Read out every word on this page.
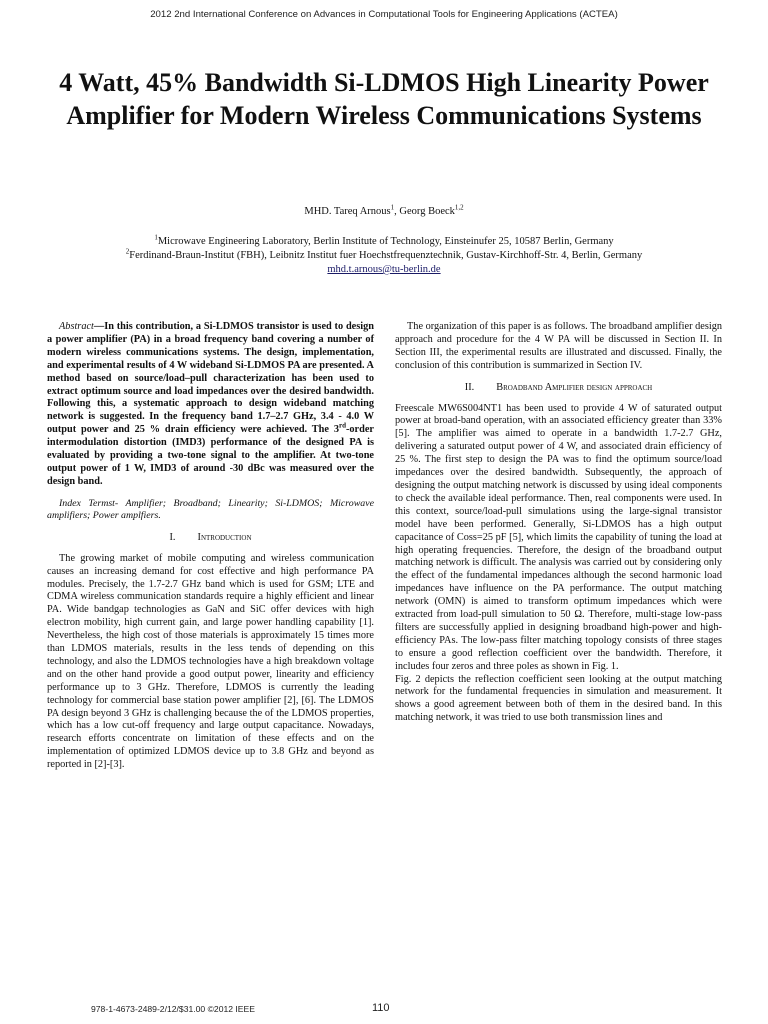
2012 2nd International Conference on Advances in Computational Tools for Engineering Applications (ACTEA)
4 Watt, 45% Bandwidth Si-LDMOS High Linearity Power Amplifier for Modern Wireless Communications Systems
MHD. Tareq Arnous$^1$, Georg Boeck$^{1,2}$
$^1$Microwave Engineering Laboratory, Berlin Institute of Technology, Einsteinufer 25, 10587 Berlin, Germany
$^2$Ferdinand-Braun-Institut (FBH), Leibnitz Institut fuer Hoechstfrequenztechnik, Gustav-Kirchhoff-Str. 4, Berlin, Germany
mhd.t.arnous@tu-berlin.de

Abstract—In this contribution, a Si-LDMOS transistor is used to design a power amplifier (PA) in a broad frequency band covering a number of modern wireless communications systems. The design, implementation, and experimental results of 4 W wideband Si-LDMOS PA are presented. A method based on source/load–pull characterization has been used to extract optimum source and load impedances over the desired bandwidth. Following this, a systematic approach to design wideband matching network is suggested. In the frequency band 1.7–2.7 GHz, 3.4 - 4.0 W output power and 25 % drain efficiency were achieved. The 3rd-order intermodulation distortion (IMD3) performance of the designed PA is evaluated by providing a two-tone signal to the amplifier. At two-tone output power of 1 W, IMD3 of around -30 dBc was measured over the design band.

Index Termst- Amplifier; Broadband; Linearity; Si-LDMOS; Microwave amplifiers; Power amplfiers.

I. Introduction

The growing market of mobile computing and wireless communication causes an increasing demand for cost effective and high performance PA modules. Precisely, the 1.7-2.7 GHz band which is used for GSM; LTE and CDMA wireless communication standards require a highly efficient and linear PA. Wide bandgap technologies as GaN and SiC offer devices with high electron mobility, high current gain, and large power handling capability [1]. Nevertheless, the high cost of those materials is approximately 15 times more than LDMOS materials, results in the less tends of depending on this technology, and also the LDMOS technologies have a high breakdown voltage and on the other hand provide a good output power, linearity and efficiency performance up to 3 GHz. Therefore, LDMOS is currently the leading technology for commercial base station power amplifier [2], [6]. The LDMOS PA design beyond 3 GHz is challenging because the of the LDMOS properties, which has a low cut-off frequency and large output capacitance. Nowadays, research efforts concentrate on limitation of these effects and on the implementation of optimized LDMOS device up to 3.8 GHz and beyond as reported in [2]-[3].

The organization of this paper is as follows. The broadband amplifier design approach and procedure for the 4 W PA will be discussed in Section II. In Section III, the experimental results are illustrated and discussed. Finally, the conclusion of this contribution is summarized in Section IV.

II. Broadband Amplifier design approach

Freescale MW6S004NT1 has been used to provide 4 W of saturated output power at broad-band operation, with an associated efficiency greater than 33% [5]. The amplifier was aimed to operate in a bandwidth 1.7-2.7 GHz, delivering a saturated output power of 4 W, and associated drain efficiency of 25 %. The first step to design the PA was to find the optimum source/load impedances over the desired bandwidth. Subsequently, the approach of designing the output matching network is discussed by using ideal components to check the available ideal performance. Then, real components were used. In this context, source/load-pull simulations using the large-signal transistor model have been performed. Generally, Si-LDMOS has a high output capacitance of Coss=25 pF [5], which limits the capability of tuning the load at high operating frequencies. Therefore, the design of the broadband output matching network is difficult. The analysis was carried out by considering only the effect of the fundamental impedances although the second harmonic load impedances have influence on the PA performance. The output matching network (OMN) is aimed to transform optimum impedances which were extracted from load-pull simulation to 50 Ω. Therefore, multi-stage low-pass filters are successfully applied in designing broadband high-power and high-efficiency PAs. The low-pass filter matching topology consists of three stages to ensure a good reflection coefficient over the bandwidth. Therefore, it includes four zeros and three poles as shown in Fig. 1.

Fig. 2 depicts the reflection coefficient seen looking at the output matching network for the fundamental frequencies in simulation and measurement. It shows a good agreement between both of them in the desired band. In this matching network, it was tried to use both transmission lines and

978-1-4673-2489-2/12/$31.00 ©2012 IEEE	110
